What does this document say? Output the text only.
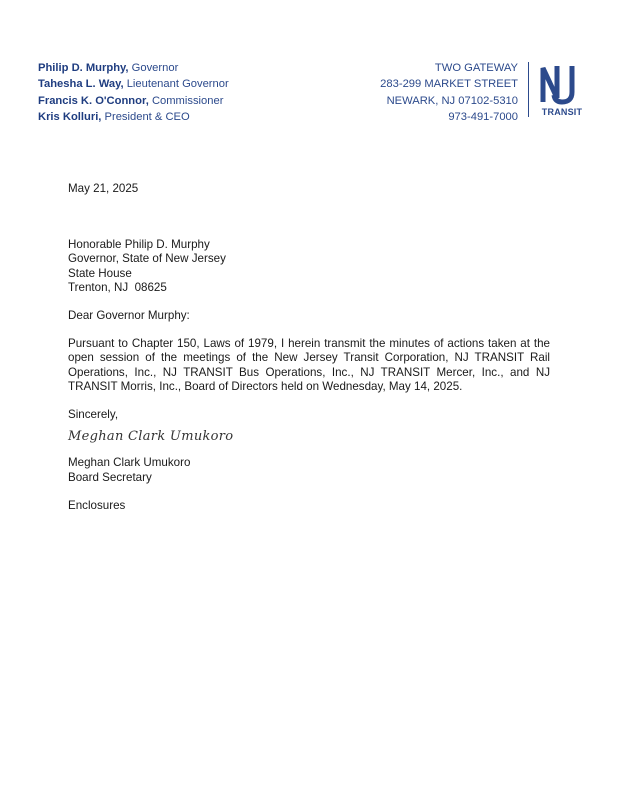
Philip D. Murphy, Governor
Tahesha L. Way, Lieutenant Governor
Francis K. O'Connor, Commissioner
Kris Kolluri, President & CEO
TWO GATEWAY
283-299 MARKET STREET
NEWARK, NJ 07102-5310
973-491-7000	TRANSIT

May 21, 2025

Honorable Philip D. Murphy

Governor, State of New Jersey

State House

Trenton, NJ  08625

Dear Governor Murphy:

Pursuant to Chapter 150, Laws of 1979, I herein transmit the minutes of actions taken at the open session of the meetings of the New Jersey Transit Corporation, NJ TRANSIT Rail Operations, Inc., NJ TRANSIT Bus Operations, Inc., NJ TRANSIT Mercer, Inc., and NJ TRANSIT Morris, Inc., Board of Directors held on Wednesday, May 14, 2025.

Sincerely,

Meghan Clark Umukoro

Meghan Clark Umukoro

Board Secretary

Enclosures
